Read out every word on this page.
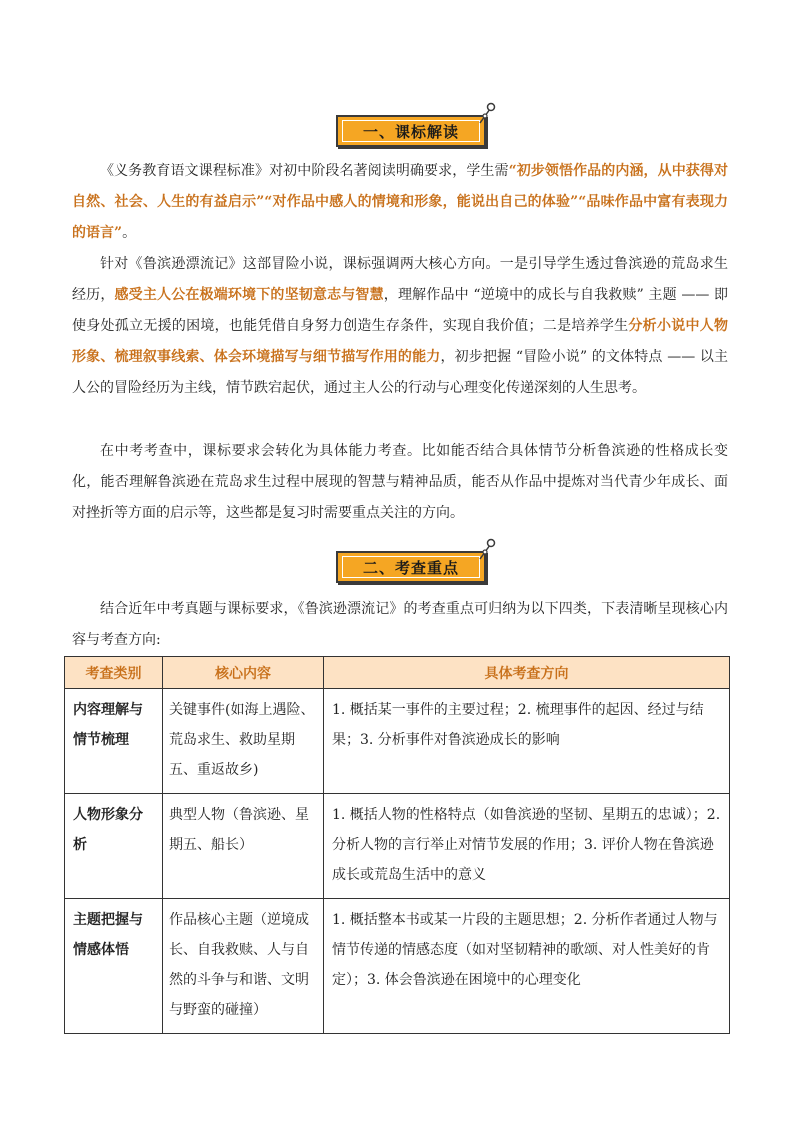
一、课标解读

《义务教育语文课程标准》对初中阶段名著阅读明确要求，学生需“初步领悟作品的内涵，从中获得对自然、社会、人生的有益启示”“对作品中感人的情境和形象，能说出自己的体验”“品味作品中富有表现力的语言”。

针对《鲁滨逊漂流记》这部冒险小说，课标强调两大核心方向。一是引导学生透过鲁滨逊的荒岛求生经历，感受主人公在极端环境下的坚韧意志与智慧，理解作品中 “逆境中的成长与自我救赎” 主题 —— 即使身处孤立无援的困境，也能凭借自身努力创造生存条件，实现自我价值；二是培养学生分析小说中人物形象、梳理叙事线索、体会环境描写与细节描写作用的能力，初步把握 “冒险小说” 的文体特点 —— 以主人公的冒险经历为主线，情节跌宕起伏，通过主人公的行动与心理变化传递深刻的人生思考。

在中考考查中，课标要求会转化为具体能力考查。比如能否结合具体情节分析鲁滨逊的性格成长变化，能否理解鲁滨逊在荒岛求生过程中展现的智慧与精神品质，能否从作品中提炼对当代青少年成长、面对挫折等方面的启示等，这些都是复习时需要重点关注的方向。

二、考查重点

结合近年中考真题与课标要求，《鲁滨逊漂流记》的考查重点可归纳为以下四类，下表清晰呈现核心内容与考查方向:

考查类别	核心内容	具体考查方向
内容理解与情节梳理	关键事件(如海上遇险、荒岛求生、救助星期五、重返故乡)	1. 概括某一事件的主要过程；2. 梳理事件的起因、经过与结果；3. 分析事件对鲁滨逊成长的影响
人物形象分析	典型人物（鲁滨逊、星期五、船长）	1. 概括人物的性格特点（如鲁滨逊的坚韧、星期五的忠诚）；2. 分析人物的言行举止对情节发展的作用；3. 评价人物在鲁滨逊成长或荒岛生活中的意义
主题把握与情感体悟	作品核心主题（逆境成长、自我救赎、人与自然的斗争与和谐、文明与野蛮的碰撞）	1. 概括整本书或某一片段的主题思想；2. 分析作者通过人物与情节传递的情感态度（如对坚韧精神的歌颂、对人性美好的肯定）；3. 体会鲁滨逊在困境中的心理变化
